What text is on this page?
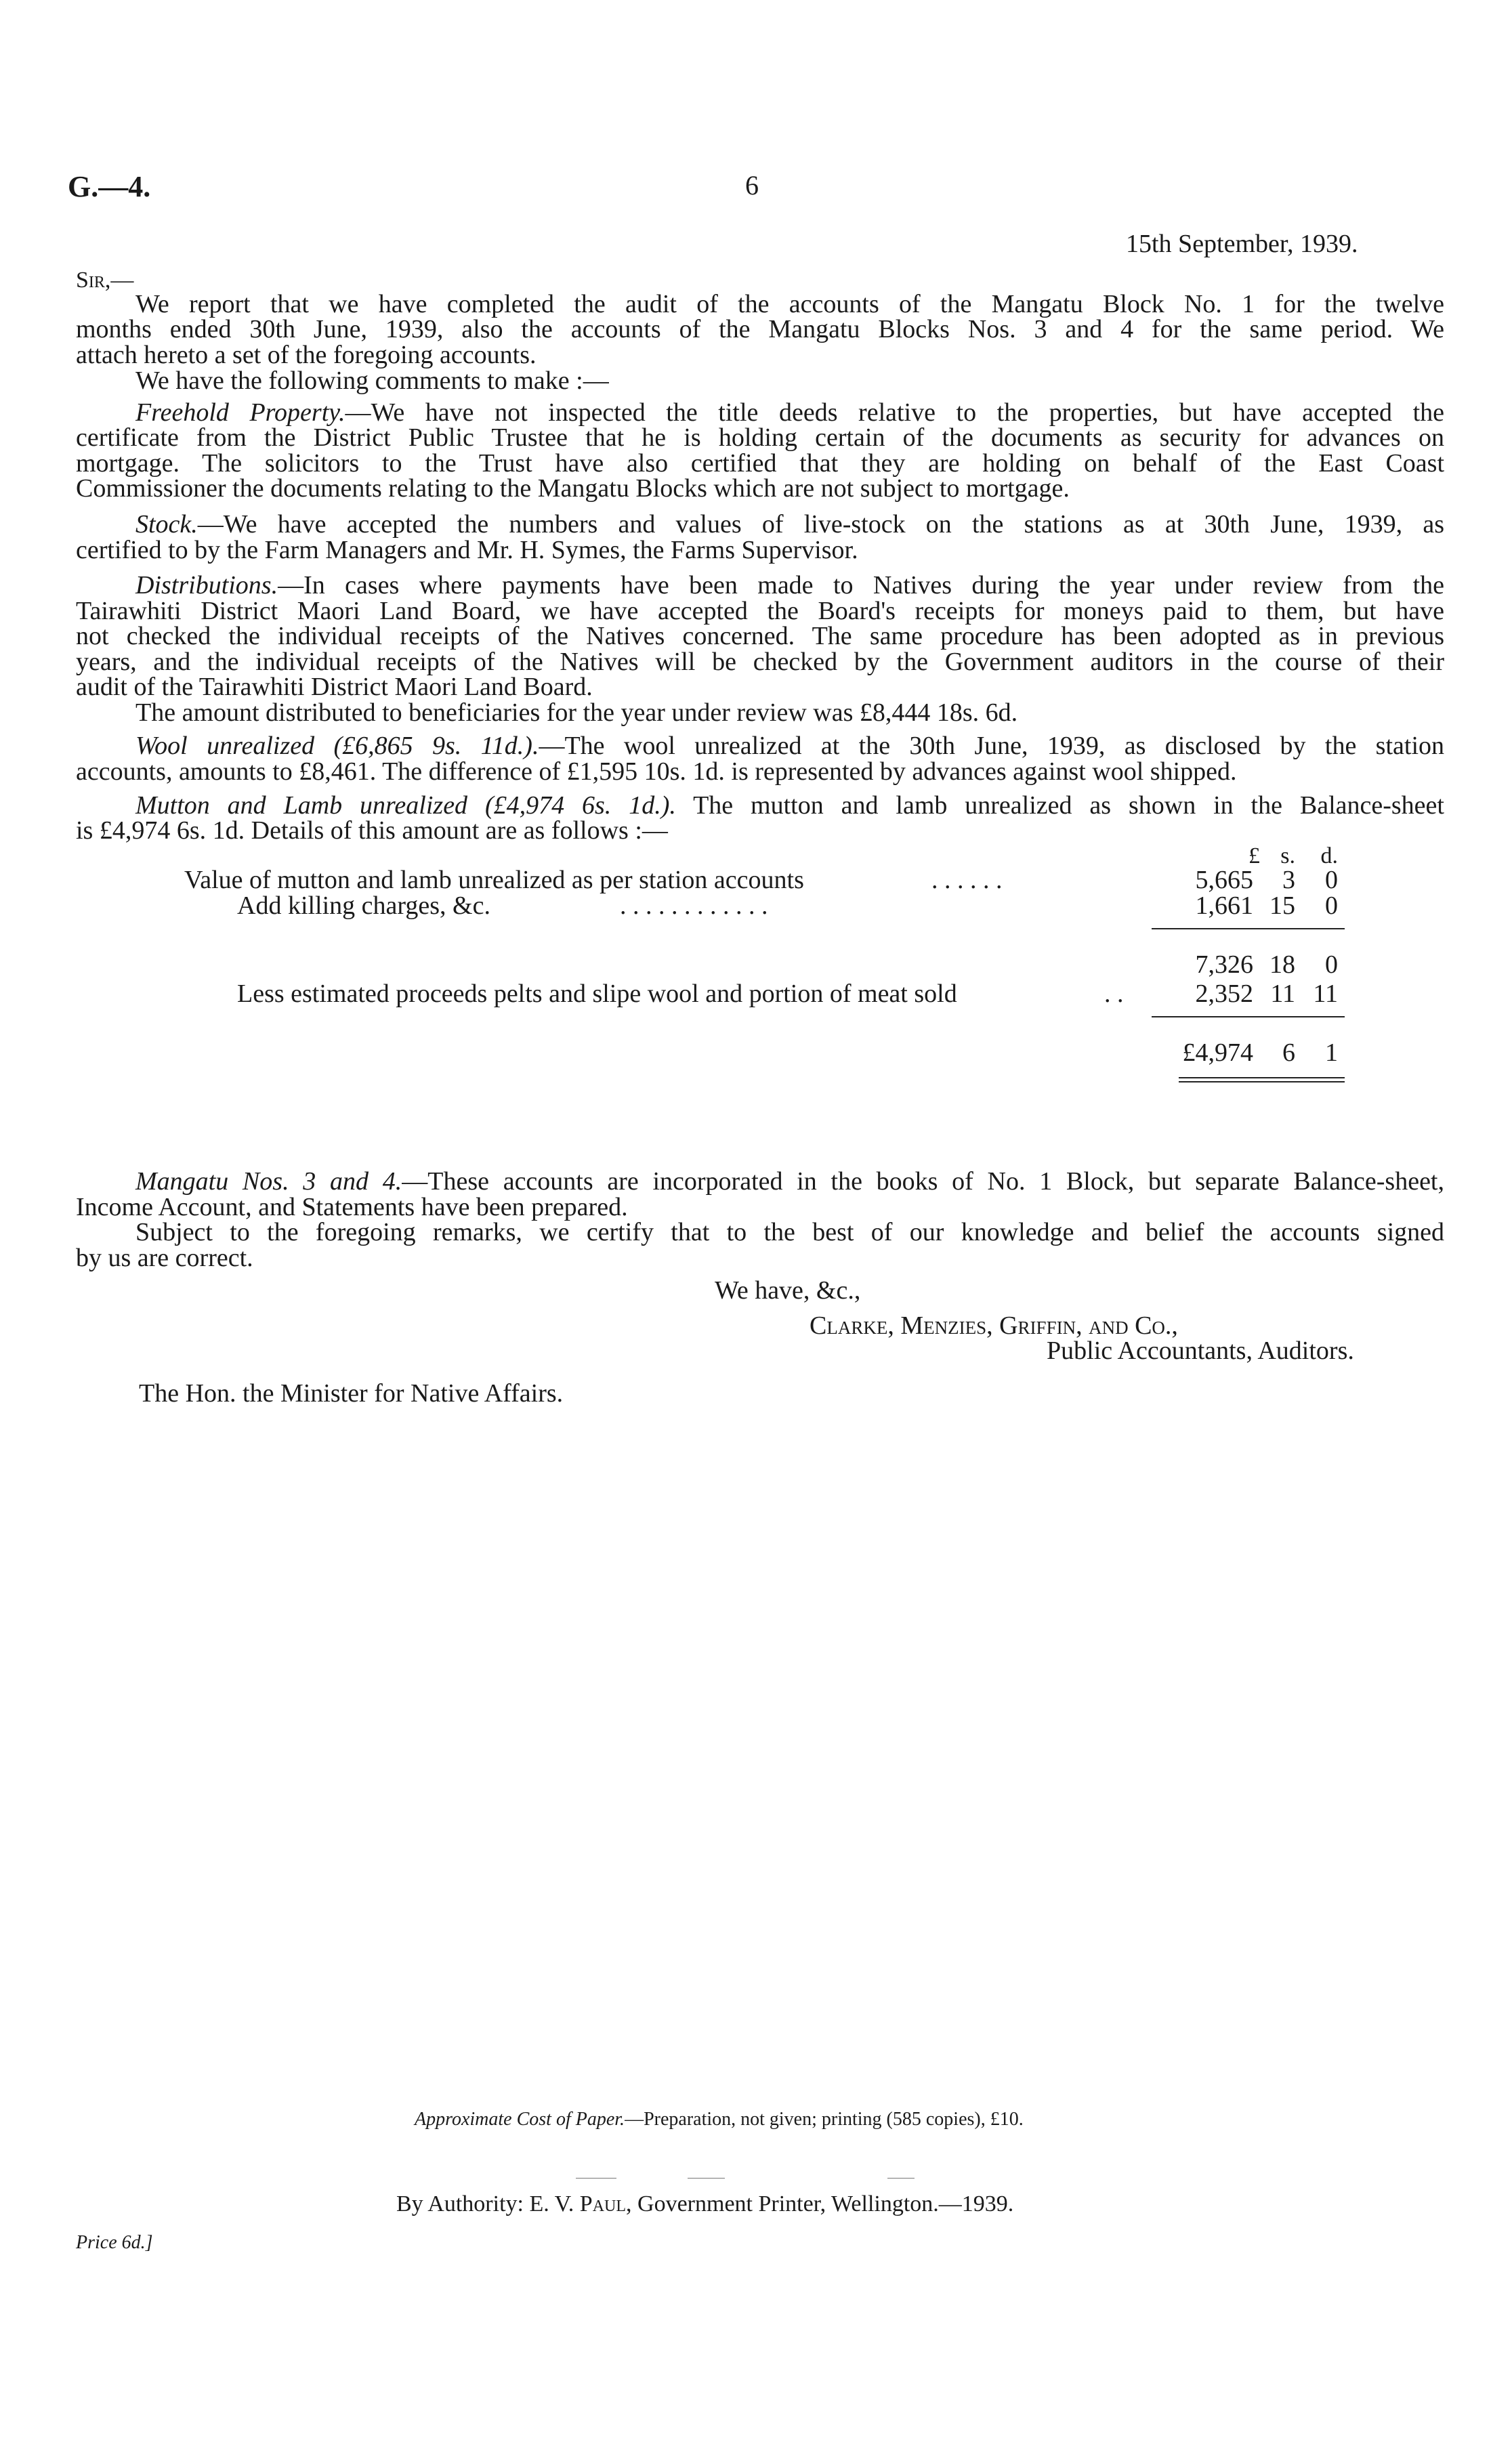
G.—4.	6
15th September, 1939.
Sir,—
We report that we have completed the audit of the accounts of the Mangatu Block No. 1 for the twelve
months ended 30th June, 1939, also the accounts of the Mangatu Blocks Nos. 3 and 4 for the same period. We
attach hereto a set of the foregoing accounts.
We have the following comments to make :—
Freehold Property.—We have not inspected the title deeds relative to the properties, but have accepted the
certificate from the District Public Trustee that he is holding certain of the documents as security for advances on
mortgage. The solicitors to the Trust have also certified that they are holding on behalf of the East Coast
Commissioner the documents relating to the Mangatu Blocks which are not subject to mortgage.
Stock.—We have accepted the numbers and values of live-stock on the stations as at 30th June, 1939, as
certified to by the Farm Managers and Mr. H. Symes, the Farms Supervisor.
Distributions.—In cases where payments have been made to Natives during the year under review from the
Tairawhiti District Maori Land Board, we have accepted the Board's receipts for moneys paid to them, but have
not checked the individual receipts of the Natives concerned. The same procedure has been adopted as in previous
years, and the individual receipts of the Natives will be checked by the Government auditors in the course of their
audit of the Tairawhiti District Maori Land Board.
The amount distributed to beneficiaries for the year under review was £8,444 18s. 6d.
Wool unrealized (£6,865 9s. 11d.).—The wool unrealized at the 30th June, 1939, as disclosed by the station
accounts, amounts to £8,461. The difference of £1,595 10s. 1d. is represented by advances against wool shipped.
Mutton and Lamb unrealized (£4,974 6s. 1d.). The mutton and lamb unrealized as shown in the Balance-sheet
is £4,974 6s. 1d. Details of this amount are as follows :—
£ s.	d.
Value of mutton and lamb unrealized as per station accounts	. . . . . .	5,665	3	0
Add killing charges, &c.	. . . . . . . . . . . .	1,661 15	0
7,326 18	0
Less estimated proceeds pelts and slipe wool and portion of meat sold	. .	2,352 11 11
£4,974	6	1
Mangatu Nos. 3 and 4.—These accounts are incorporated in the books of No. 1 Block, but separate Balance-sheet,
Income Account, and Statements have been prepared.
Subject to the foregoing remarks, we certify that to the best of our knowledge and belief the accounts signed
by us are correct.
We have, &c.,
Clarke, Menzies, Griffin, and Co.,
Public Accountants, Auditors.
The Hon. the Minister for Native Affairs.
Approximate Cost of Paper.—Preparation, not given; printing (585 copies), £10.
By Authority: E. V. Paul, Government Printer, Wellington.—1939.
Price 6d.]
